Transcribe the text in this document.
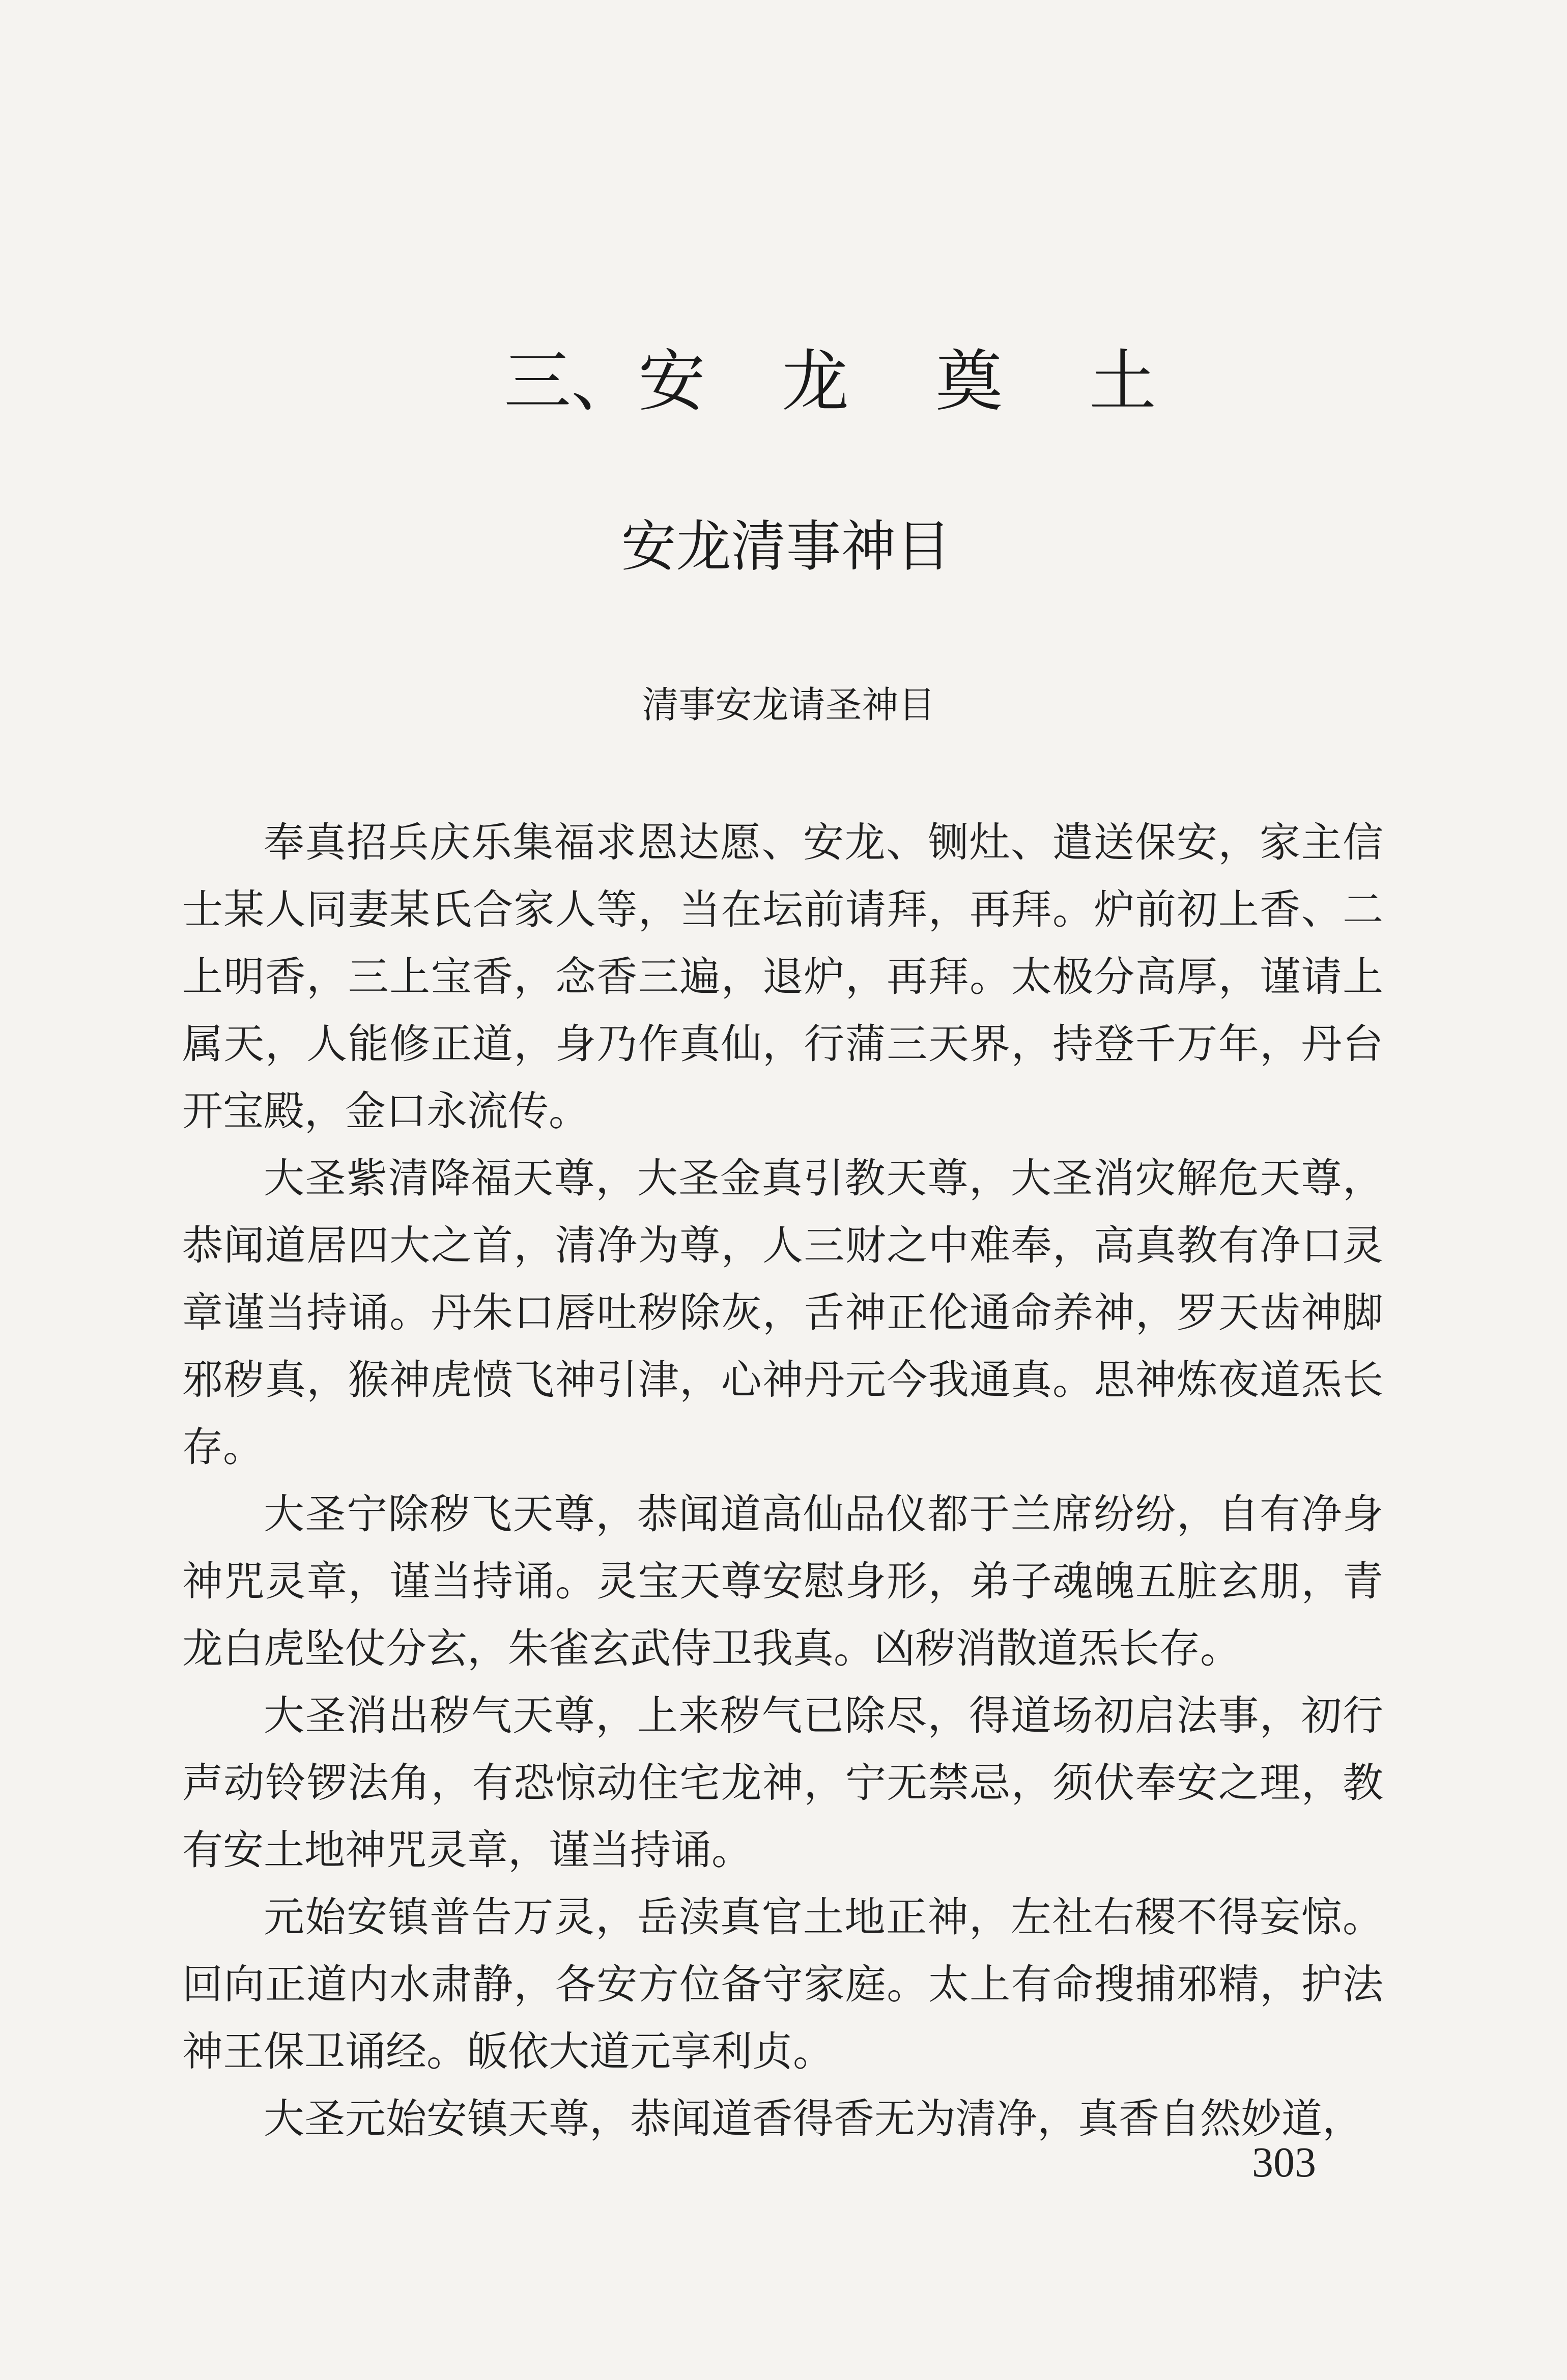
三、 安 龙 奠 土
安龙清事神目
清事安龙请圣神目

奉真招兵庆乐集福求恩达愿、安龙、铡灶、遣送保安，家主信士某人同妻某氏合家人等，当在坛前请拜，再拜。炉前初上香、二上明香，三上宝香，念香三遍，退炉，再拜。太极分高厚，谨请上属天，人能修正道，身乃作真仙，行蒲三天界，持登千万年，丹台开宝殿，金口永流传。

大圣紫清降福天尊，大圣金真引教天尊，大圣消灾解危天尊，恭闻道居四大之首，清净为尊，人三财之中难奉，高真教有净口灵章谨当持诵。丹朱口唇吐秽除灰，舌神正伦通命养神，罗天齿神脚邪秽真，猴神虎愤飞神引津，心神丹元今我通真。思神炼夜道炁长存。

大圣宁除秽飞天尊，恭闻道高仙品仪都于兰席纷纷，自有净身神咒灵章，谨当持诵。灵宝天尊安慰身形，弟子魂魄五脏玄朋，青龙白虎坠仗分玄，朱雀玄武侍卫我真。凶秽消散道炁长存。

大圣消出秽气天尊，上来秽气已除尽，得道场初启法事，初行声动铃锣法角，有恐惊动住宅龙神，宁无禁忌，须伏奉安之理，教有安土地神咒灵章，谨当持诵。

元始安镇普告万灵，岳渎真官土地正神，左社右稷不得妄惊。回向正道内水肃静，各安方位备守家庭。太上有命搜捕邪精，护法神王保卫诵经。皈依大道元享利贞。

大圣元始安镇天尊，恭闻道香得香无为清净，真香自然妙道，

303
